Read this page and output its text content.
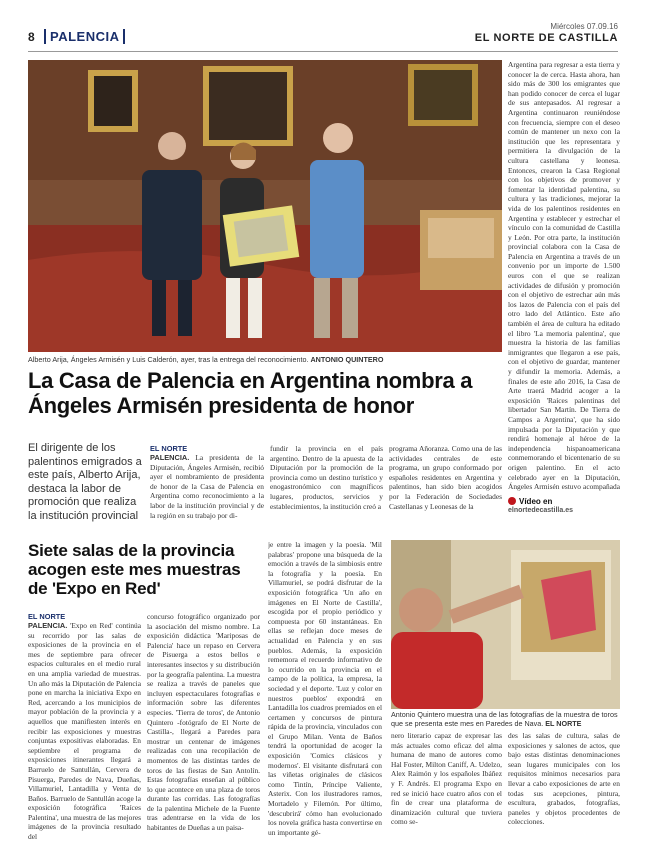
8	PALENCIA
Miércoles 07.09.16
EL NORTE DE CASTILLA
Alberto Arija, Ángeles Armisén y Luis Calderón, ayer, tras la entrega del reconocimiento. ANTONIO QUINTERO
La Casa de Palencia en Argentina nombra a Ángeles Armisén presidenta de honor
El dirigente de los palentinos emigrados a este país, Alberto Arija, destaca la labor de promoción que realiza la institución provincial
EL NORTE
PALENCIA. La presidenta de la Diputación, Ángeles Armisén, recibió ayer el nombramiento de presidenta de honor de la Casa de Palencia en Argentina como reconocimiento a la labor de la institución provincial y de la región en su trabajo por di-
fundir la provincia en el país argentino. Dentro de la apuesta de la Diputación por la promoción de la provincia como un destino turístico y enogastronómico con magníficos lugares, productos, servicios y establecimientos, la institución creó a
programa Añoranza. Como una de las actividades centrales de este programa, un grupo conformado por españoles residentes en Argentina y palentinos, han sido bien acogidos por la Federación de Sociedades Castellanas y Leonesas de la
Argentina para regresar a esta tierra y conocer la de cerca. Hasta ahora, han sido más de 300 los emigrantes que han podido conocer de cerca el lugar de sus antepasados. Al regresar a Argentina continuaron reuniéndose con frecuencia, siempre con el deseo común de mantener un nexo con la institución que les representara y permitiera la divulgación de la cultura castellana y leonesa. Entonces, crearon la Casa Regional con los objetivos de promover y fomentar la identidad palentina, su cultura y las tradiciones, mejorar la vida de los palentinos residentes en Argentina y establecer y estrechar el vínculo con la comunidad de Castilla y León. Por otra parte, la institución provincial colabora con la Casa de Palencia en Argentina a través de un convenio por un importe de 1.500 euros con el que se realizan actividades de difusión y promoción con el objetivo de estrechar aún más los lazos de Palencia con el país del otro lado del Atlántico. Este año también el área de cultura ha editado el libro 'La memoria palentina', que muestra la historia de las familias inmigrantes que llegaron a ese país, con el objetivo de guardar, mantener y difundir la memoria. Además, a finales de este año 2016, la Casa de Arte traerá Madrid acoger a la exposición 'Raíces palentinas del libertador San Martín. De Tierra de Campos a Argentina', que ha sido impulsada por la Diputación y que rendirá homenaje al héroe de la independencia hispanoamericana conmemorando el bicentenario de su origen palentino. En el acto celebrado ayer en la Diputación, Ángeles Armisén estuvo acompañada
Vídeo en
elnortedecastilla.es
Siete salas de la provincia acogen este mes muestras de 'Expo en Red'
EL NORTE
PALENCIA. 'Expo en Red' continúa su recorrido por las salas de exposiciones de la provincia en el mes de septiembre para ofrecer espacios culturales en el medio rural en una amplia variedad de muestras. Un año más la Diputación de Palencia pone en marcha la iniciativa Expo en Red, acercando a los municipios de mayor población de la provincia y a aquellos que manifiesten interés en recibir las exposiciones y muestras conjuntas expositivas elaboradas. En septiembre el programa de exposiciones itinerantes llegará a Barruelo de Santullán, Cervera de Pisuerga, Paredes de Nava, Dueñas, Villamuriel, Lantadilla y Venta de Baños. Barruelo de Santullán acoge la exposición fotográfica 'Raíces Palentina', una muestra de las mejores imágenes de la provincia resultado del
concurso fotográfico organizado por la asociación del mismo nombre. La exposición didáctica 'Mariposas de Palencia' hace un repaso en Cervera de Pisuerga a estos bellos e interesantes insectos y su distribución por la geografía palentina. La muestra se realiza a través de paneles que incluyen espectaculares fotografías e información sobre las diferentes especies. 'Tierra de toros', de Antonio Quintero -fotógrafo de El Norte de Castilla-, llegará a Paredes para mostrar un centenar de imágenes realizadas con una recopilación de momentos de las distintas tardes de toros de las fiestas de San Antolín. Estas fotografías enseñan al público lo que acontece en una plaza de toros durante las corridas. Las fotografías de la palentina Michele de la Fuente tras adentrarse en la vida de los habitantes de Dueñas a un paisa-
je entre la imagen y la poesía. 'Mil palabras' propone una búsqueda de la emoción a través de la simbiosis entre la fotografía y la poesía. En Villamuriel, se podrá disfrutar de la exposición fotográfica 'Un año en imágenes en El Norte de Castilla', escogida por el propio periódico y compuesta por 60 instantáneas. En ellas se reflejan doce meses de actualidad en Palencia y en sus pueblos. Además, la exposición rememora el recuerdo informativo de lo ocurrido en la provincia en el campo de la política, la empresa, la sociedad y el deporte. 'Luz y color en nuestros pueblos' expondrá en Lantadilla los cuadros premiados en el certamen y concursos de pintura rápida de la provincia, vinculados con el Grupo Milan. Venta de Baños tendrá la oportunidad de acoger la exposición 'Comics clásicos y modernos'. El visitante disfrutará con las viñetas originales de clásicos como Tintín, Príncipe Valiente, Asterix. Con los ilustradores ramos, Mortadelo y Filemón. Por último, 'descubrirá' cómo han evolucionado los novela gráfica hasta convertirse en un importante gé-
Antonio Quintero muestra una de las fotografías de la muestra de toros que se presenta este mes en Paredes de Nava. EL NORTE
nero literario capaz de expresar las más actuales como eficaz del alma humana de mano de autores como Hal Foster, Milton Caniff, A. Udelzo, Alex Raimón y los españoles Ibáñez y F. Andrés. El programa Expo en red se inició hace cuatro años con el fin de crear una plataforma de dinamización cultural que tuviera como se-
des las salas de cultura, salas de exposiciones y salones de actos, que bajo estas distintas denominaciones sean lugares municipales con los requisitos mínimos necesarios para llevar a cabo exposiciones de arte en todas sus acepciones, pintura, escultura, grabados, fotografías, paneles y objetos procedentes de colecciones.
